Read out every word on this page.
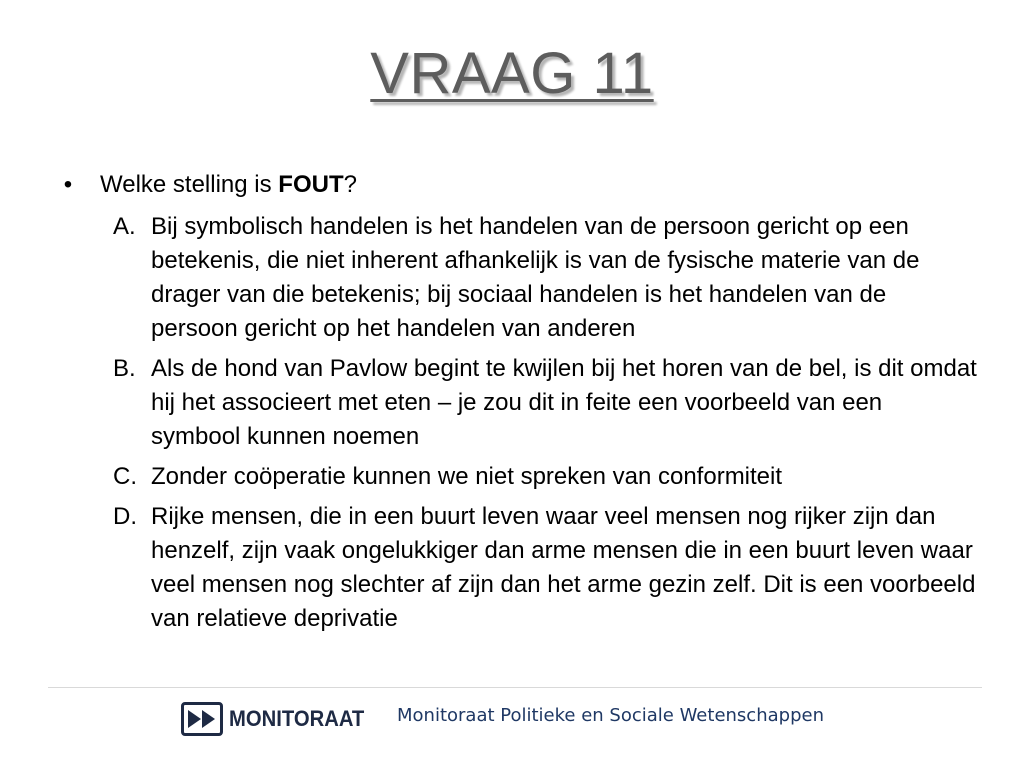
VRAAG 11
• Welke stelling is FOUT?
A. Bij symbolisch handelen is het handelen van de persoon gericht op een betekenis, die niet inherent afhankelijk is van de fysische materie van de drager van die betekenis; bij sociaal handelen is het handelen van de persoon gericht op het handelen van anderen
B. Als de hond van Pavlow begint te kwijlen bij het horen van de bel, is dit omdat hij het associeert met eten – je zou dit in feite een voorbeeld van een symbool kunnen noemen
C. Zonder coöperatie kunnen we niet spreken van conformiteit
D. Rijke mensen, die in een buurt leven waar veel mensen nog rijker zijn dan henzelf, zijn vaak ongelukkiger dan arme mensen die in een buurt leven waar veel mensen nog slechter af zijn dan het arme gezin zelf. Dit is een voorbeeld van relatieve deprivatie
MONITORAAT Monitoraat Politieke en Sociale Wetenschappen
